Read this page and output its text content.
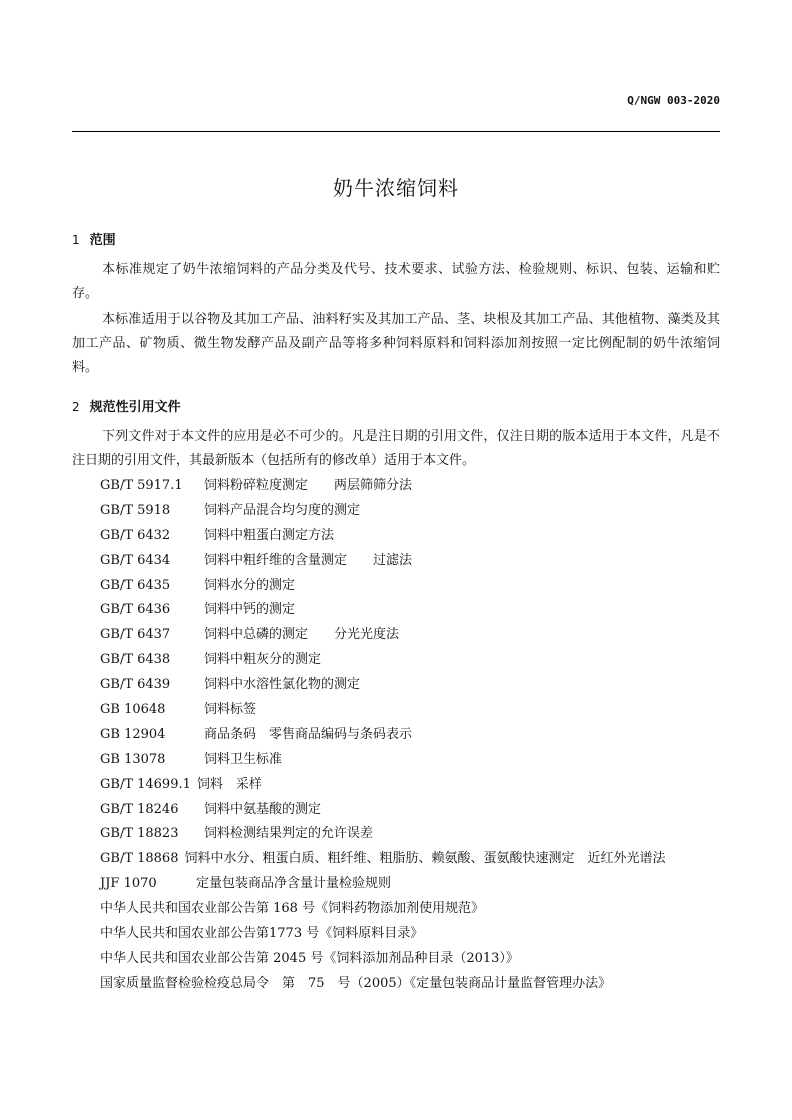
Q/NGW 003-2020
奶牛浓缩饲料
1 范围
本标准规定了奶牛浓缩饲料的产品分类及代号、技术要求、试验方法、检验规则、标识、包装、运输和贮存。
本标准适用于以谷物及其加工产品、油料籽实及其加工产品、茎、块根及其加工产品、其他植物、藻类及其加工产品、矿物质、微生物发酵产品及副产品等将多种饲料原料和饲料添加剂按照一定比例配制的奶牛浓缩饲料。
2 规范性引用文件
下列文件对于本文件的应用是必不可少的。凡是注日期的引用文件，仅注日期的版本适用于本文件，凡是不注日期的引用文件，其最新版本（包括所有的修改单）适用于本文件。
GB/T 5917.1 饲料粉碎粒度测定　　两层筛筛分法
GB/T 5918	饲料产品混合均匀度的测定
GB/T 6432	饲料中粗蛋白测定方法
GB/T 6434	饲料中粗纤维的含量测定　　过滤法
GB/T 6435	饲料水分的测定
GB/T 6436	饲料中钙的测定
GB/T 6437	饲料中总磷的测定　　分光光度法
GB/T 6438	饲料中粗灰分的测定
GB/T 6439	饲料中水溶性氯化物的测定
GB 10648	饲料标签
GB 12904	商品条码　零售商品编码与条码表示
GB 13078	饲料卫生标准
GB/T 14699.1 饲料　采样
GB/T 18246 饲料中氨基酸的测定
GB/T 18823 饲料检测结果判定的允许误差
GB/T 18868 饲料中水分、粗蛋白质、粗纤维、粗脂肪、赖氨酸、蛋氨酸快速测定　近红外光谱法
JJF 1070	定量包装商品净含量计量检验规则
中华人民共和国农业部公告第 168 号《饲料药物添加剂使用规范》
中华人民共和国农业部公告第1773 号《饲料原料目录》
中华人民共和国农业部公告第 2045 号《饲料添加剂品种目录（2013）》
国家质量监督检验检疫总局令　第　75　号（2005）《定量包装商品计量监督管理办法》
